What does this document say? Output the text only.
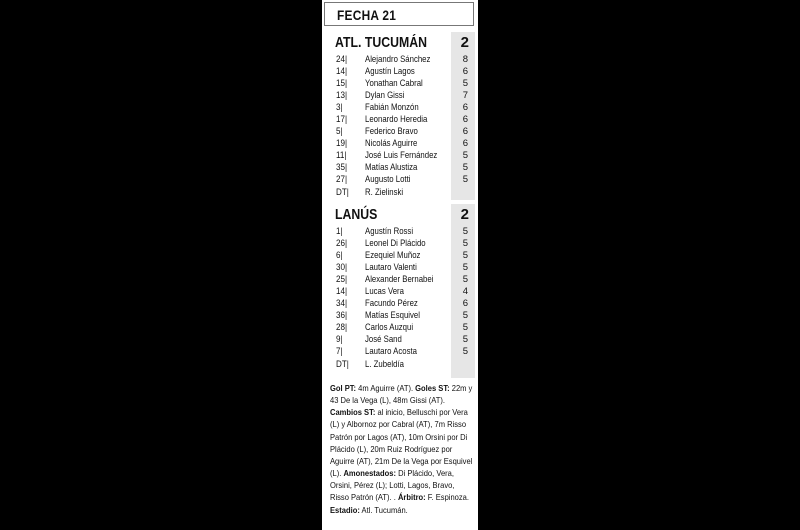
FECHA 21
ATL. TUCUMÁN 2
24| Alejandro Sánchez	8
14| Agustín Lagos	6
15| Yonathan Cabral	5
13| Dylan Gissi	7
3| Fabián Monzón	6
17| Leonardo Heredia	6
5| Federico Bravo	6
19| Nicolás Aguirre	6
11| José Luis Fernández	5
35| Matías Alustiza	5
27| Augusto Lotti	5
DT| R. Zielinski
LANÚS	2
1| Agustín Rossi	5
26| Leonel Di Plácido	5
6| Ezequiel Muñoz	5
30| Lautaro Valenti	5
25| Alexander Bernabei	5
14| Lucas Vera	4
34| Facundo Pérez	6
36| Matías Esquivel	5
28| Carlos Auzqui	5
9| José Sand	5
7| Lautaro Acosta	5
DT| L. Zubeldía
Gol PT: 4m Aguirre (AT). Goles ST: 22m y 43 De la Vega (L), 48m Gissi (AT). Cambios ST: al inicio, Belluschi por Vera (L) y Albornoz por Cabral (AT), 7m Risso Patrón por Lagos (AT), 10m Orsini por Di Plácido (L), 20m Ruiz Rodríguez por Aguirre (AT), 21m De la Vega por Esquivel (L). Amonestados: Di Plácido, Vera, Orsini, Pérez (L); Lotti, Lagos, Bravo, Risso Patrón (AT). . Árbitro: F. Espinoza. Estadio: Atl. Tucumán.
